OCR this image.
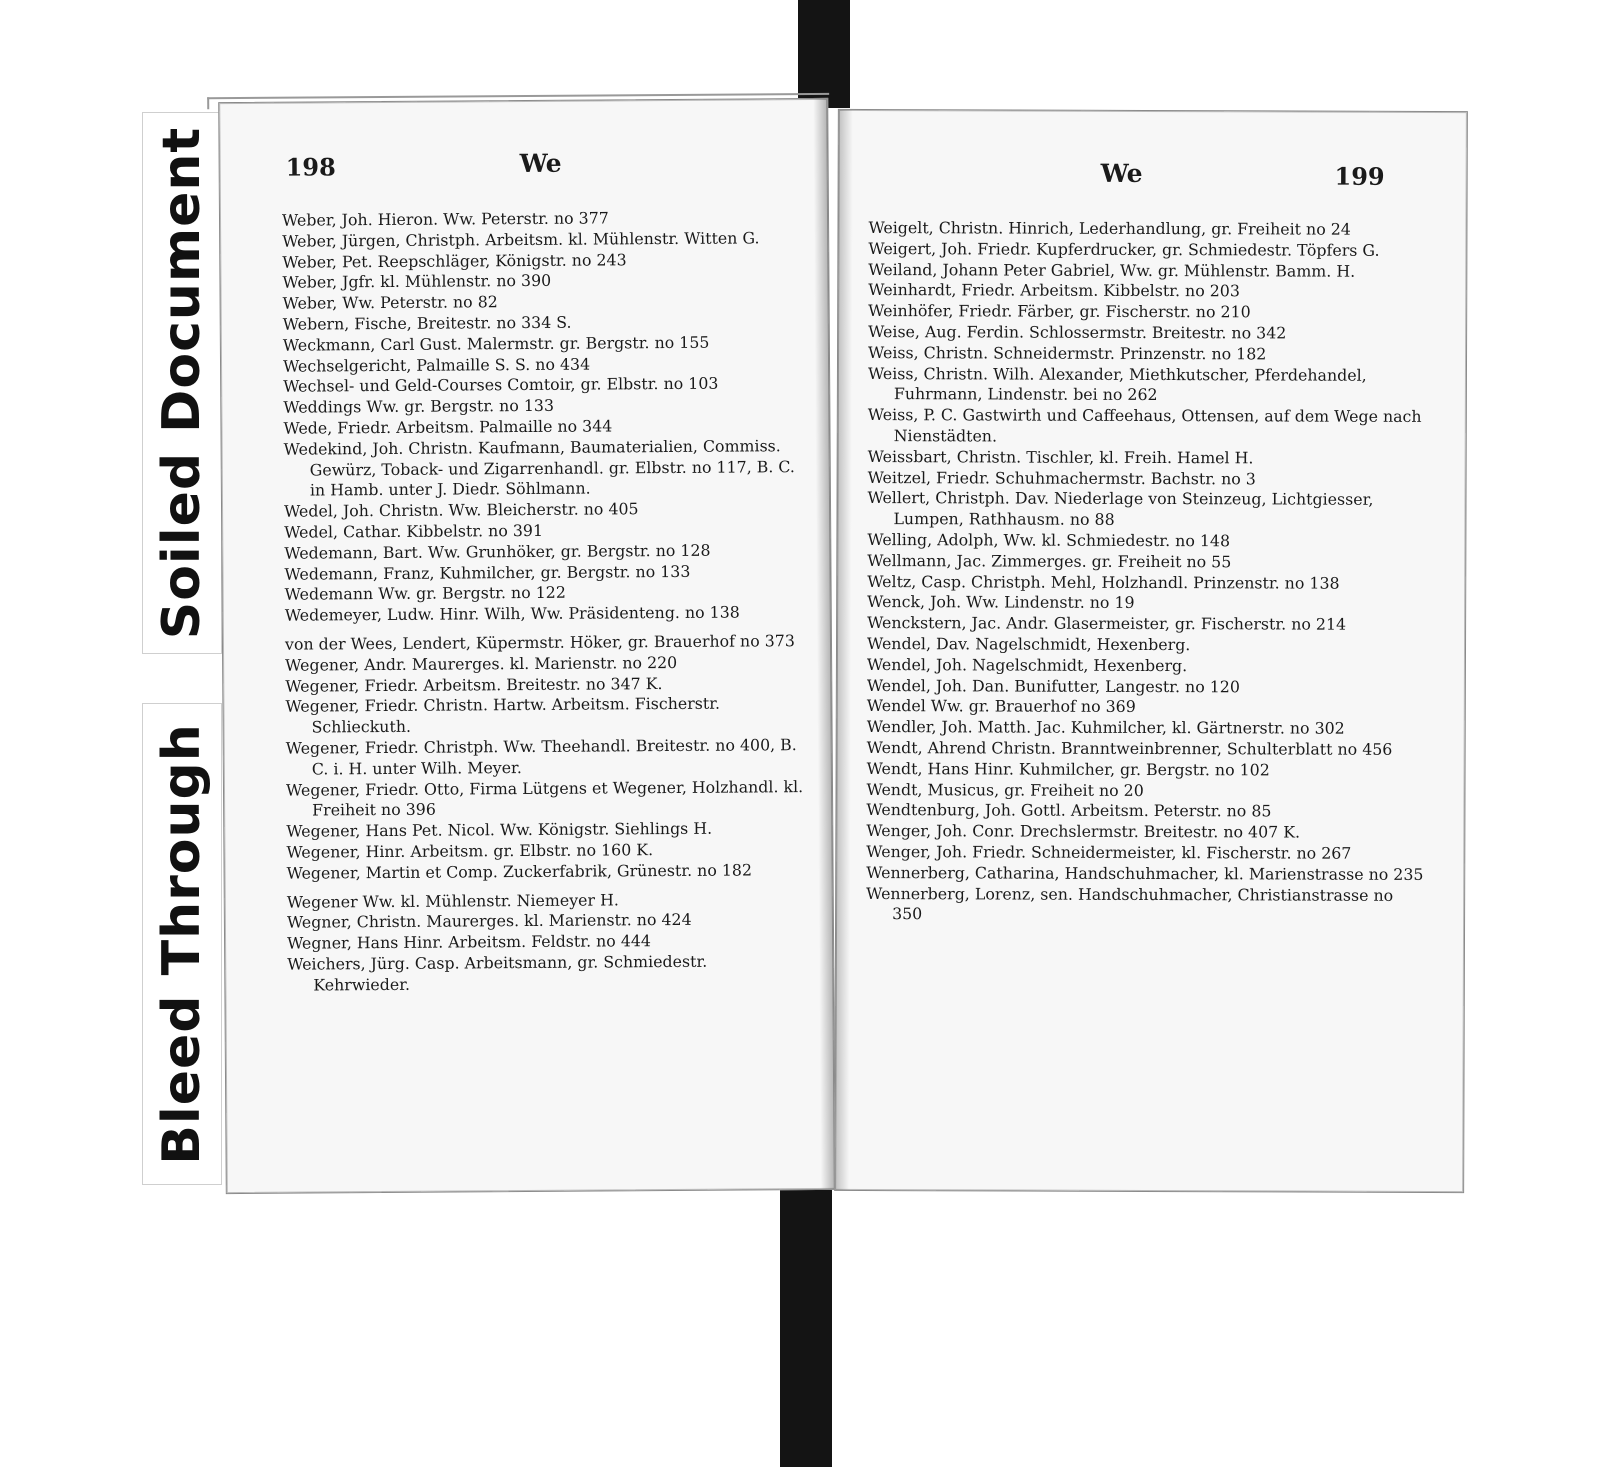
Soiled Document
Bleed Through
198	We

Weber, Joh. Hieron. Ww. Peterstr. no 377

Weber, Jürgen, Christph. Arbeitsm. kl. Mühlenstr. Witten G.

Weber, Pet. Reepschläger, Königstr. no 243

Weber, Jgfr. kl. Mühlenstr. no 390

Weber, Ww. Peterstr. no 82

Webern, Fische, Breitestr. no 334 S.

Weckmann, Carl Gust. Malermstr. gr. Bergstr. no 155

Wechselgericht, Palmaille S. S. no 434

Wechsel- und Geld-Courses Comtoir, gr. Elbstr. no 103

Weddings Ww. gr. Bergstr. no 133

Wede, Friedr. Arbeitsm. Palmaille no 344

Wedekind, Joh. Christn. Kaufmann, Baumaterialien, Commiss. Gewürz, Toback- und Zigarrenhandl. gr. Elbstr. no 117, B. C. in Hamb. unter J. Diedr. Söhlmann.

Wedel, Joh. Christn. Ww. Bleicherstr. no 405

Wedel, Cathar. Kibbelstr. no 391

Wedemann, Bart. Ww. Grunhöker, gr. Bergstr. no 128

Wedemann, Franz, Kuhmilcher, gr. Bergstr. no 133

Wedemann Ww. gr. Bergstr. no 122

Wedemeyer, Ludw. Hinr. Wilh, Ww. Präsidenteng. no 138

von der Wees, Lendert, Küpermstr. Höker, gr. Brauerhof no 373

Wegener, Andr. Maurerges. kl. Marienstr. no 220

Wegener, Friedr. Arbeitsm. Breitestr. no 347 K.

Wegener, Friedr. Christn. Hartw. Arbeitsm. Fischerstr. Schlieckuth.

Wegener, Friedr. Christph. Ww. Theehandl. Breitestr. no 400, B. C. i. H. unter Wilh. Meyer.

Wegener, Friedr. Otto, Firma Lütgens et Wegener, Holzhandl. kl. Freiheit no 396

Wegener, Hans Pet. Nicol. Ww. Königstr. Siehlings H.

Wegener, Hinr. Arbeitsm. gr. Elbstr. no 160 K.

Wegener, Martin et Comp. Zuckerfabrik, Grünestr. no 182

Wegener Ww. kl. Mühlenstr. Niemeyer H.

Wegner, Christn. Maurerges. kl. Marienstr. no 424

Wegner, Hans Hinr. Arbeitsm. Feldstr. no 444

Weichers, Jürg. Casp. Arbeitsmann, gr. Schmiedestr. Kehrwieder.

We	199

Weigelt, Christn. Hinrich, Lederhandlung, gr. Freiheit no 24

Weigert, Joh. Friedr. Kupferdrucker, gr. Schmiedestr. Töpfers G.

Weiland, Johann Peter Gabriel, Ww. gr. Mühlenstr. Bamm. H.

Weinhardt, Friedr. Arbeitsm. Kibbelstr. no 203

Weinhöfer, Friedr. Färber, gr. Fischerstr. no 210

Weise, Aug. Ferdin. Schlossermstr. Breitestr. no 342

Weiss, Christn. Schneidermstr. Prinzenstr. no 182

Weiss, Christn. Wilh. Alexander, Miethkutscher, Pferdehandel, Fuhrmann, Lindenstr. bei no 262

Weiss, P. C. Gastwirth und Caffeehaus, Ottensen, auf dem Wege nach Nienstädten.

Weissbart, Christn. Tischler, kl. Freih. Hamel H.

Weitzel, Friedr. Schuhmachermstr. Bachstr. no 3

Wellert, Christph. Dav. Niederlage von Steinzeug, Lichtgiesser, Lumpen, Rathhausm. no 88

Welling, Adolph, Ww. kl. Schmiedestr. no 148

Wellmann, Jac. Zimmerges. gr. Freiheit no 55

Weltz, Casp. Christph. Mehl, Holzhandl. Prinzenstr. no 138

Wenck, Joh. Ww. Lindenstr. no 19

Wenckstern, Jac. Andr. Glasermeister, gr. Fischerstr. no 214

Wendel, Dav. Nagelschmidt, Hexenberg.

Wendel, Joh. Nagelschmidt, Hexenberg.

Wendel, Joh. Dan. Bunifutter, Langestr. no 120

Wendel Ww. gr. Brauerhof no 369

Wendler, Joh. Matth. Jac. Kuhmilcher, kl. Gärtnerstr. no 302

Wendt, Ahrend Christn. Branntweinbrenner, Schulterblatt no 456

Wendt, Hans Hinr. Kuhmilcher, gr. Bergstr. no 102

Wendt, Musicus, gr. Freiheit no 20

Wendtenburg, Joh. Gottl. Arbeitsm. Peterstr. no 85

Wenger, Joh. Conr. Drechslermstr. Breitestr. no 407 K.

Wenger, Joh. Friedr. Schneidermeister, kl. Fischerstr. no 267

Wennerberg, Catharina, Handschuhmacher, kl. Marienstrasse no 235

Wennerberg, Lorenz, sen. Handschuhmacher, Christianstrasse no 350
